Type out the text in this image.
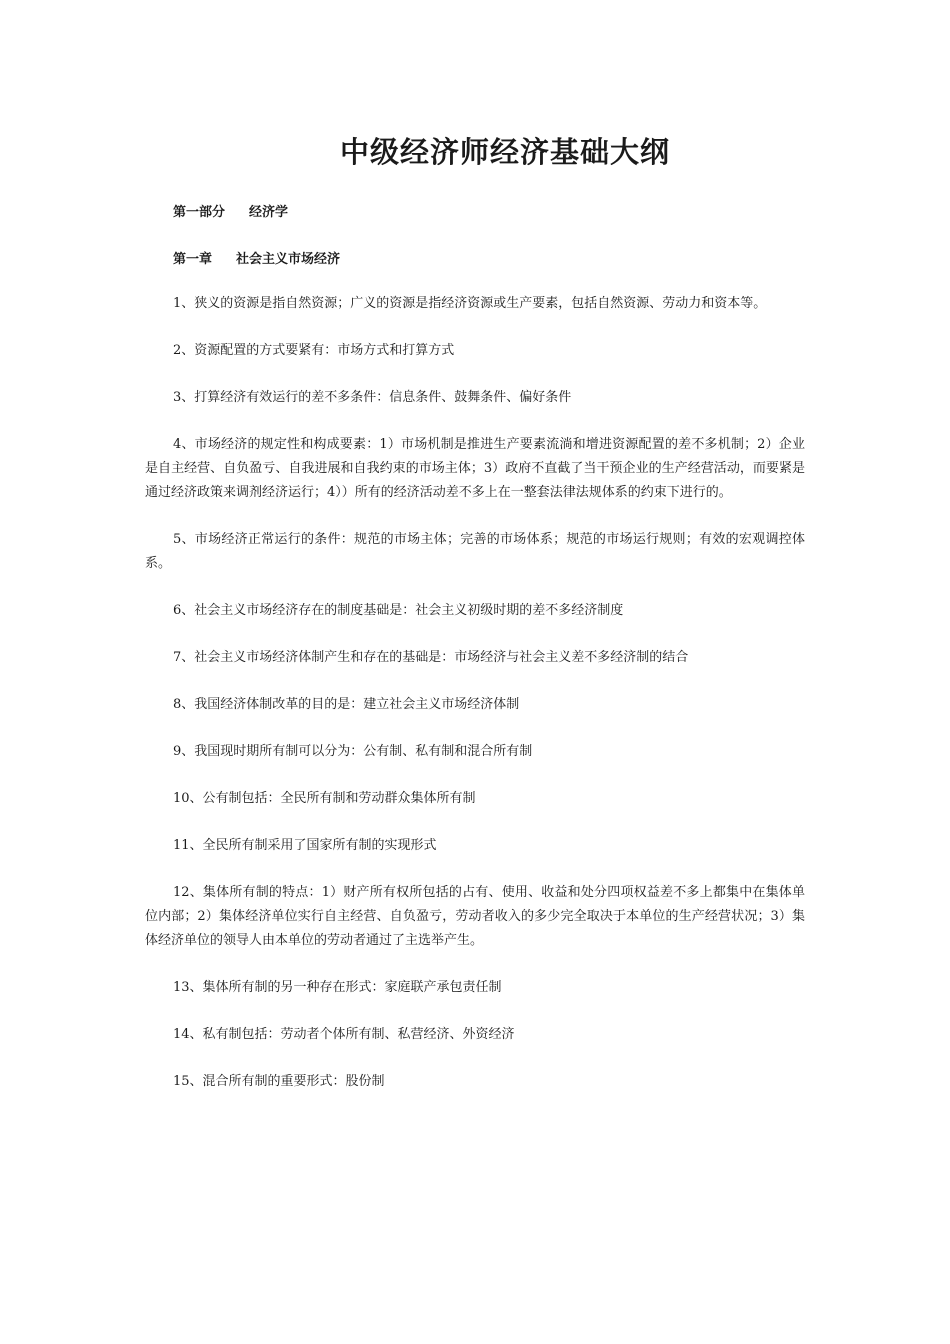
中级经济师经济基础大纲
第一部分 经济学
第一章 社会主义市场经济

1、狭义的资源是指自然资源；广义的资源是指经济资源或生产要素，包括自然资源、劳动力和资本等。

2、资源配置的方式要紧有：市场方式和打算方式

3、打算经济有效运行的差不多条件：信息条件、鼓舞条件、偏好条件

4、市场经济的规定性和构成要素：1）市场机制是推进生产要素流淌和增进资源配置的差不多机制；2）企业是自主经营、自负盈亏、自我进展和自我约束的市场主体；3）政府不直截了当干预企业的生产经营活动，而要紧是通过经济政策来调剂经济运行；4））所有的经济活动差不多上在一整套法律法规体系的约束下进行的。

5、市场经济正常运行的条件：规范的市场主体；完善的市场体系；规范的市场运行规则；有效的宏观调控体系。

6、社会主义市场经济存在的制度基础是：社会主义初级时期的差不多经济制度

7、社会主义市场经济体制产生和存在的基础是：市场经济与社会主义差不多经济制的结合

8、我国经济体制改革的目的是：建立社会主义市场经济体制

9、我国现时期所有制可以分为：公有制、私有制和混合所有制

10、公有制包括：全民所有制和劳动群众集体所有制

11、全民所有制采用了国家所有制的实现形式

12、集体所有制的特点：1）财产所有权所包括的占有、使用、收益和处分四项权益差不多上都集中在集体单位内部；2）集体经济单位实行自主经营、自负盈亏，劳动者收入的多少完全取决于本单位的生产经营状况；3）集体经济单位的领导人由本单位的劳动者通过了主选举产生。

13、集体所有制的另一种存在形式：家庭联产承包责任制

14、私有制包括：劳动者个体所有制、私营经济、外资经济

15、混合所有制的重要形式：股份制
